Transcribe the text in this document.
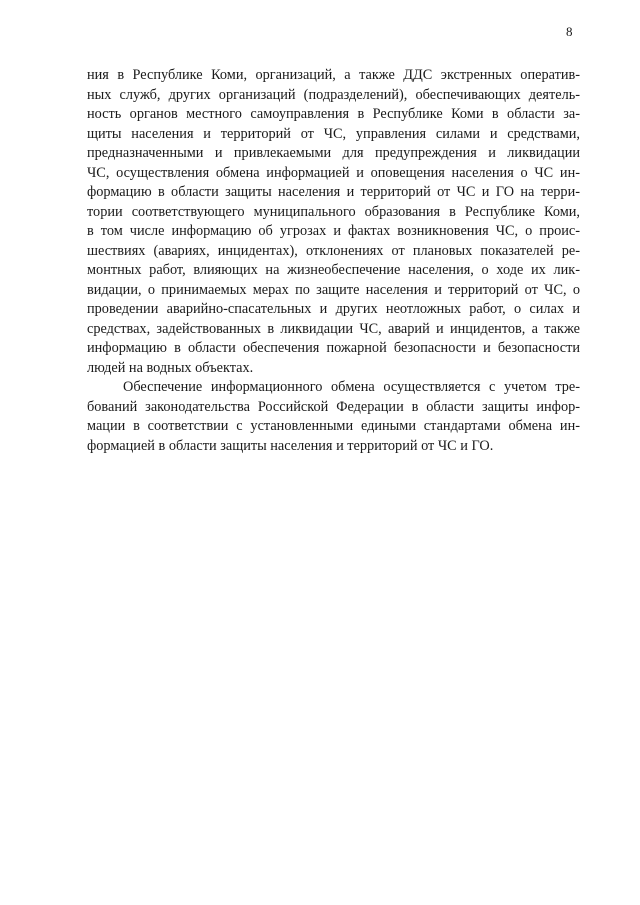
8

ния в Республике Коми, организаций, а также ДДС экстренных оператив-
ных служб, других организаций (подразделений), обеспечивающих деятель-
ность органов местного самоуправления в Республике Коми в области за-
щиты населения и территорий от ЧС, управления силами и средствами,
предназначенными и привлекаемыми для предупреждения и ликвидации
ЧС, осуществления обмена информацией и оповещения населения о ЧС ин-
формацию в области защиты населения и территорий от ЧС и ГО на терри-
тории соответствующего муниципального образования в Республике Коми,
в том числе информацию об угрозах и фактах возникновения ЧС, о проис-
шествиях (авариях, инцидентах), отклонениях от плановых показателей ре-
монтных работ, влияющих на жизнеобеспечение населения, о ходе их лик-
видации, о принимаемых мерах по защите населения и территорий от ЧС, о
проведении аварийно-спасательных и других неотложных работ, о силах и
средствах, задействованных в ликвидации ЧС, аварий и инцидентов, а также
информацию в области обеспечения пожарной безопасности и безопасности
людей на водных объектах.

Обеспечение информационного обмена осуществляется с учетом тре-
бований законодательства Российской Федерации в области защиты инфор-
мации в соответствии с установленными едиными стандартами обмена ин-
формацией в области защиты населения и территорий от ЧС и ГО.
